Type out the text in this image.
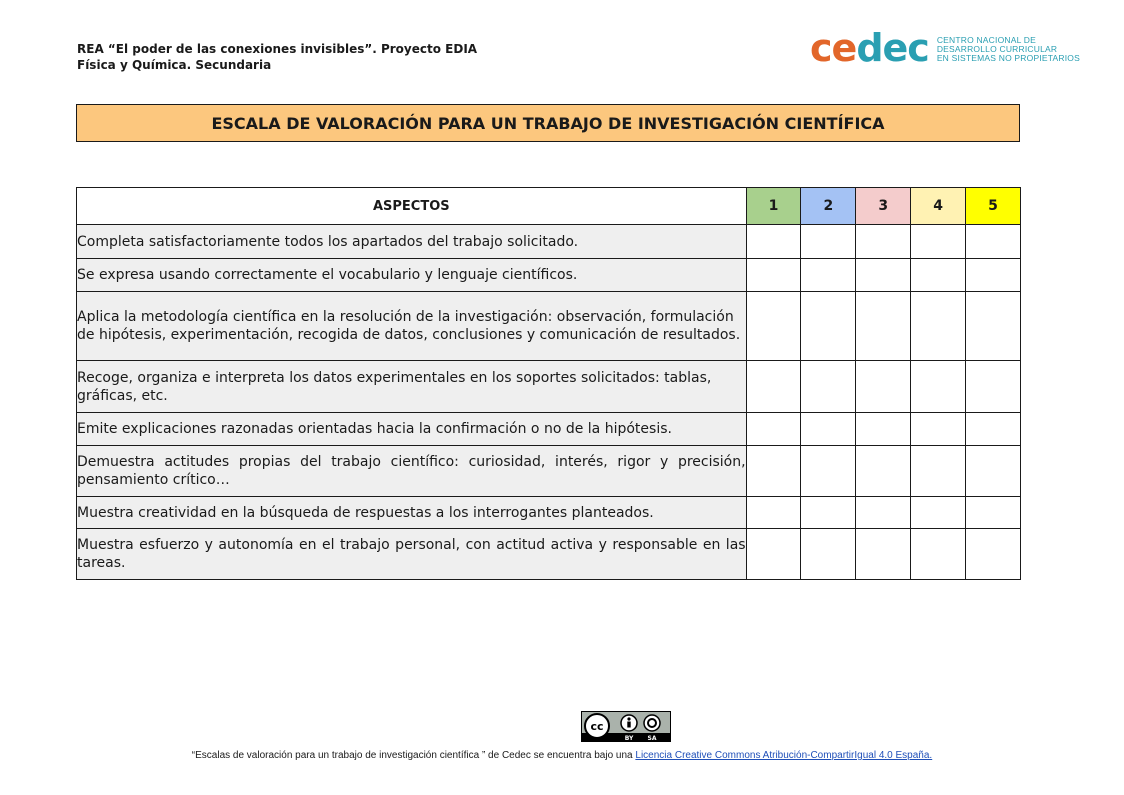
REA “El poder de las conexiones invisibles”. Proyecto EDIA
Física y Química. Secundaria	cedec CENTRO NACIONAL DE
DESARROLLO CURRICULAR
EN SISTEMAS NO PROPIETARIOS
ESCALA DE VALORACIÓN PARA UN TRABAJO DE INVESTIGACIÓN CIENTÍFICA
ASPECTOS	1	2	3	4	5
Completa satisfactoriamente todos los apartados del trabajo solicitado.					
Se expresa usando correctamente el vocabulario y lenguaje científicos.					
Aplica la metodología científica en la resolución de la investigación: observación, formulación de hipótesis, experimentación, recogida de datos, conclusiones y comunicación de resultados.					
Recoge, organiza e interpreta los datos experimentales en los soportes solicitados: tablas, gráficas, etc.					
Emite explicaciones razonadas orientadas hacia la confirmación o no de la hipótesis.					
Demuestra actitudes propias del trabajo científico: curiosidad, interés, rigor y precisión, pensamiento crítico…					
Muestra creatividad en la búsqueda de respuestas a los interrogantes planteados.					
Muestra esfuerzo y autonomía en el trabajo personal, con actitud activa y responsable en las tareas.					
cc
BY SA
“Escalas de valoración para un trabajo de investigación científica ” de Cedec se encuentra bajo una Licencia Creative Commons Atribución-CompartirIgual 4.0 España.
